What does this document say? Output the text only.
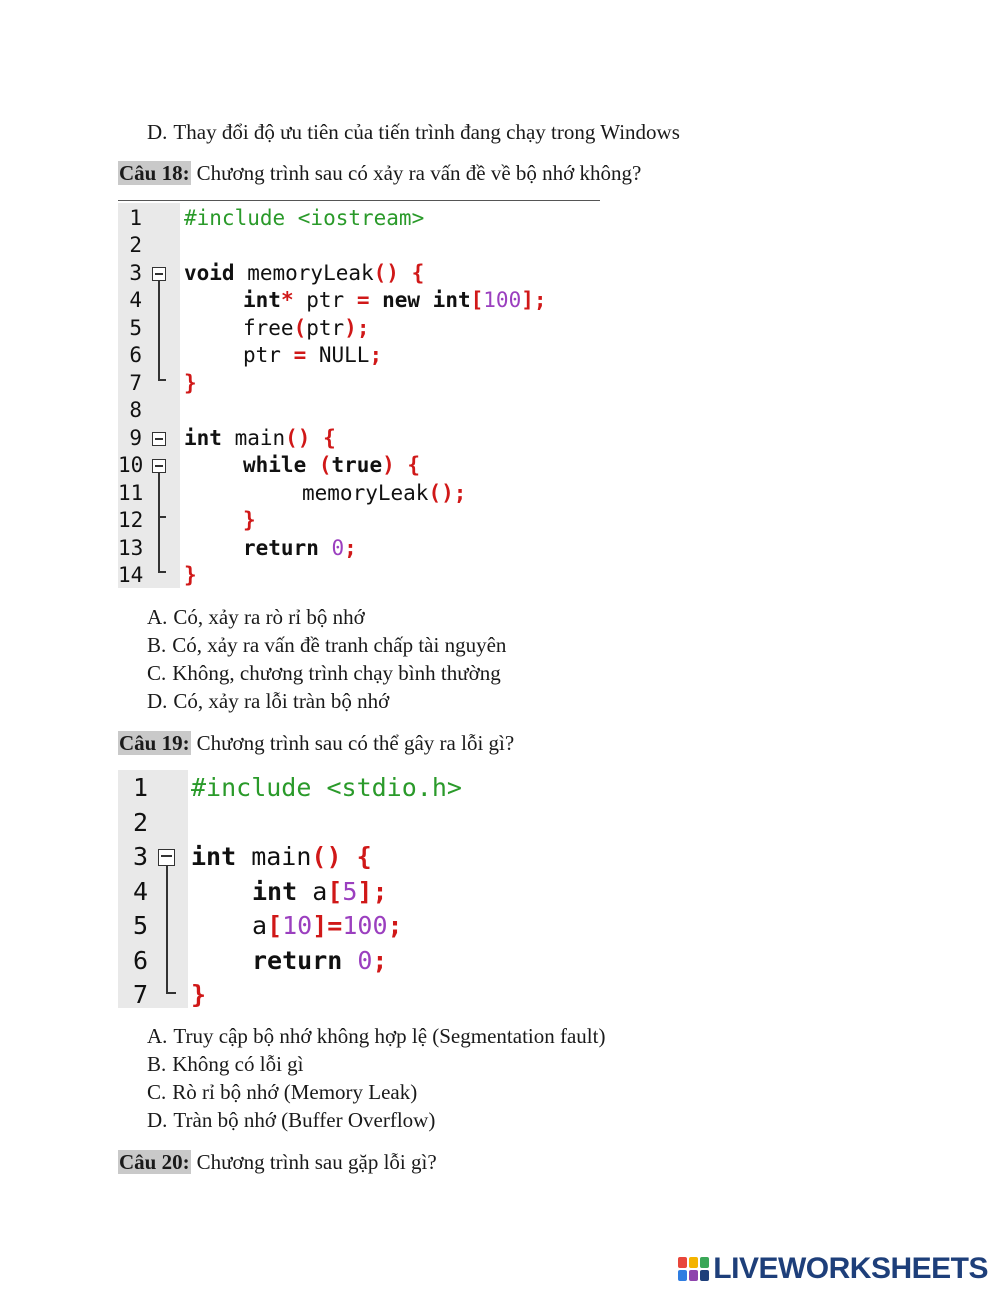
D. Thay đổi độ ưu tiên của tiến trình đang chạy trong Windows
Câu 18: Chương trình sau có xảy ra vấn đề về bộ nhớ không?
1
2
3
4
5
6
7
8
9
10
11
12
13
14
#include <iostream>
void memoryLeak() {
int* ptr = new int[100];
free(ptr);
ptr = NULL;
}
int main() {
while (true) {
memoryLeak();
}
return 0;
}
A. Có, xảy ra rò rỉ bộ nhớ
B. Có, xảy ra vấn đề tranh chấp tài nguyên
C. Không, chương trình chạy bình thường
D. Có, xảy ra lỗi tràn bộ nhớ
Câu 19: Chương trình sau có thể gây ra lỗi gì?
1
2
3
4
5
6
7
#include <stdio.h>
int main() {
int a[5];
a[10]=100;
return 0;
}
A. Truy cập bộ nhớ không hợp lệ (Segmentation fault)
B. Không có lỗi gì
C. Rò rỉ bộ nhớ (Memory Leak)
D. Tràn bộ nhớ (Buffer Overflow)
Câu 20: Chương trình sau gặp lỗi gì?
LIVEWORKSHEETS
